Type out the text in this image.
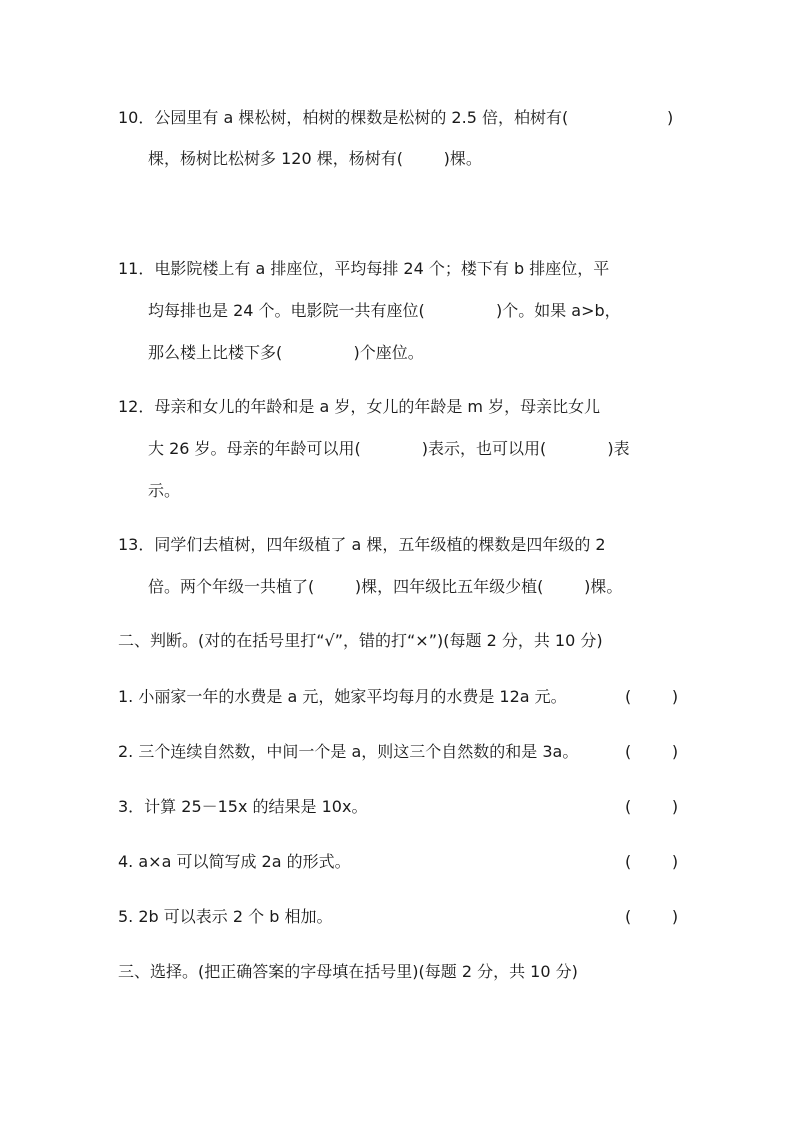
10．公园里有 a 棵松树，柏树的棵数是松树的 2.5 倍，柏树有(	)
棵，杨树比松树多 120 棵，杨树有(        )棵。
11．电影院楼上有 a 排座位，平均每排 24 个；楼下有 b 排座位，平
均每排也是 24 个。电影院一共有座位(              )个。如果 a>b，
那么楼上比楼下多(              )个座位。
12．母亲和女儿的年龄和是 a 岁，女儿的年龄是 m 岁，母亲比女儿
大 26 岁。母亲的年龄可以用(            )表示，也可以用(            )表
示。
13．同学们去植树，四年级植了 a 棵，五年级植的棵数是四年级的 2
倍。两个年级一共植了(        )棵，四年级比五年级少植(        )棵。
二、判断。(对的在括号里打“√”，错的打“×”)(每题 2 分，共 10 分)
1. 小丽家一年的水费是 a 元，她家平均每月的水费是 12a 元。	(        )
2. 三个连续自然数，中间一个是 a，则这三个自然数的和是 3a。	(        )
3．计算 25－15x 的结果是 10x。	(        )
4. a×a 可以简写成 2a 的形式。	(        )
5. 2b 可以表示 2 个 b 相加。	(        )
三、选择。(把正确答案的字母填在括号里)(每题 2 分，共 10 分)
